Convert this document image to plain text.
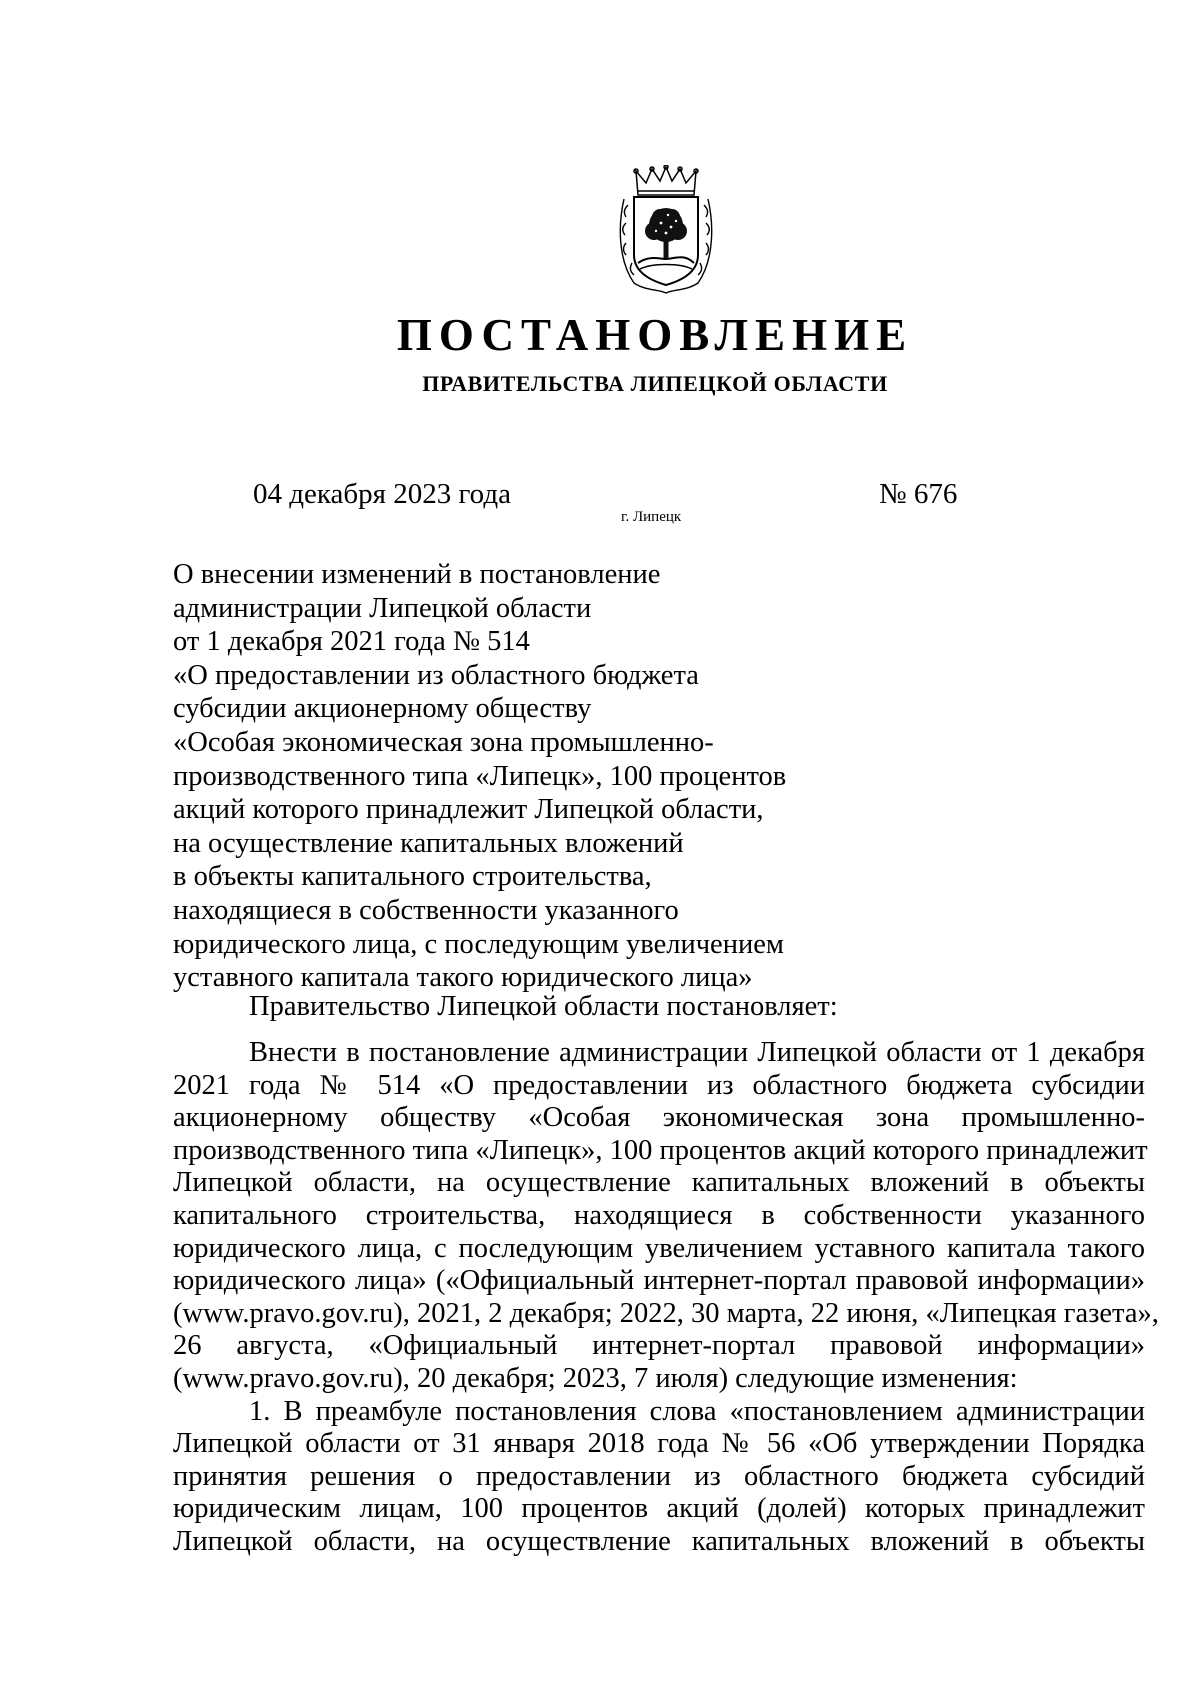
ПОСТАНОВЛЕНИЕ
ПРАВИТЕЛЬСТВА ЛИПЕЦКОЙ ОБЛАСТИ
04 декабря 2023 года
г. Липецк
№ 676
О внесении изменений в постановление
администрации Липецкой области
от 1 декабря 2021 года № 514
«О предоставлении из областного бюджета
субсидии акционерному обществу
«Особая экономическая зона промышленно-
производственного типа «Липецк», 100 процентов
акций которого принадлежит Липецкой области,
на осуществление капитальных вложений
в объекты капитального строительства,
находящиеся в собственности указанного
юридического лица, с последующим увеличением
уставного капитала такого юридического лица»
Правительство Липецкой области постановляет:
Внести в постановление администрации Липецкой области от 1 декабря
2021 года № 514 «О предоставлении из областного бюджета субсидии
акционерному обществу «Особая экономическая зона промышленно-
производственного типа «Липецк», 100 процентов акций которого принадлежит
Липецкой области, на осуществление капитальных вложений в объекты
капитального строительства, находящиеся в собственности указанного
юридического лица, с последующим увеличением уставного капитала такого
юридического лица» («Официальный интернет-портал правовой информации»
(www.pravo.gov.ru), 2021, 2 декабря; 2022, 30 марта, 22 июня, «Липецкая газета»,
26 августа, «Официальный интернет-портал правовой информации»
(www.pravo.gov.ru), 20 декабря; 2023, 7 июля) следующие изменения:
1. В преамбуле постановления слова «постановлением администрации
Липецкой области от 31 января 2018 года № 56 «Об утверждении Порядка
принятия решения о предоставлении из областного бюджета субсидий
юридическим лицам, 100 процентов акций (долей) которых принадлежит
Липецкой области, на осуществление капитальных вложений в объекты
